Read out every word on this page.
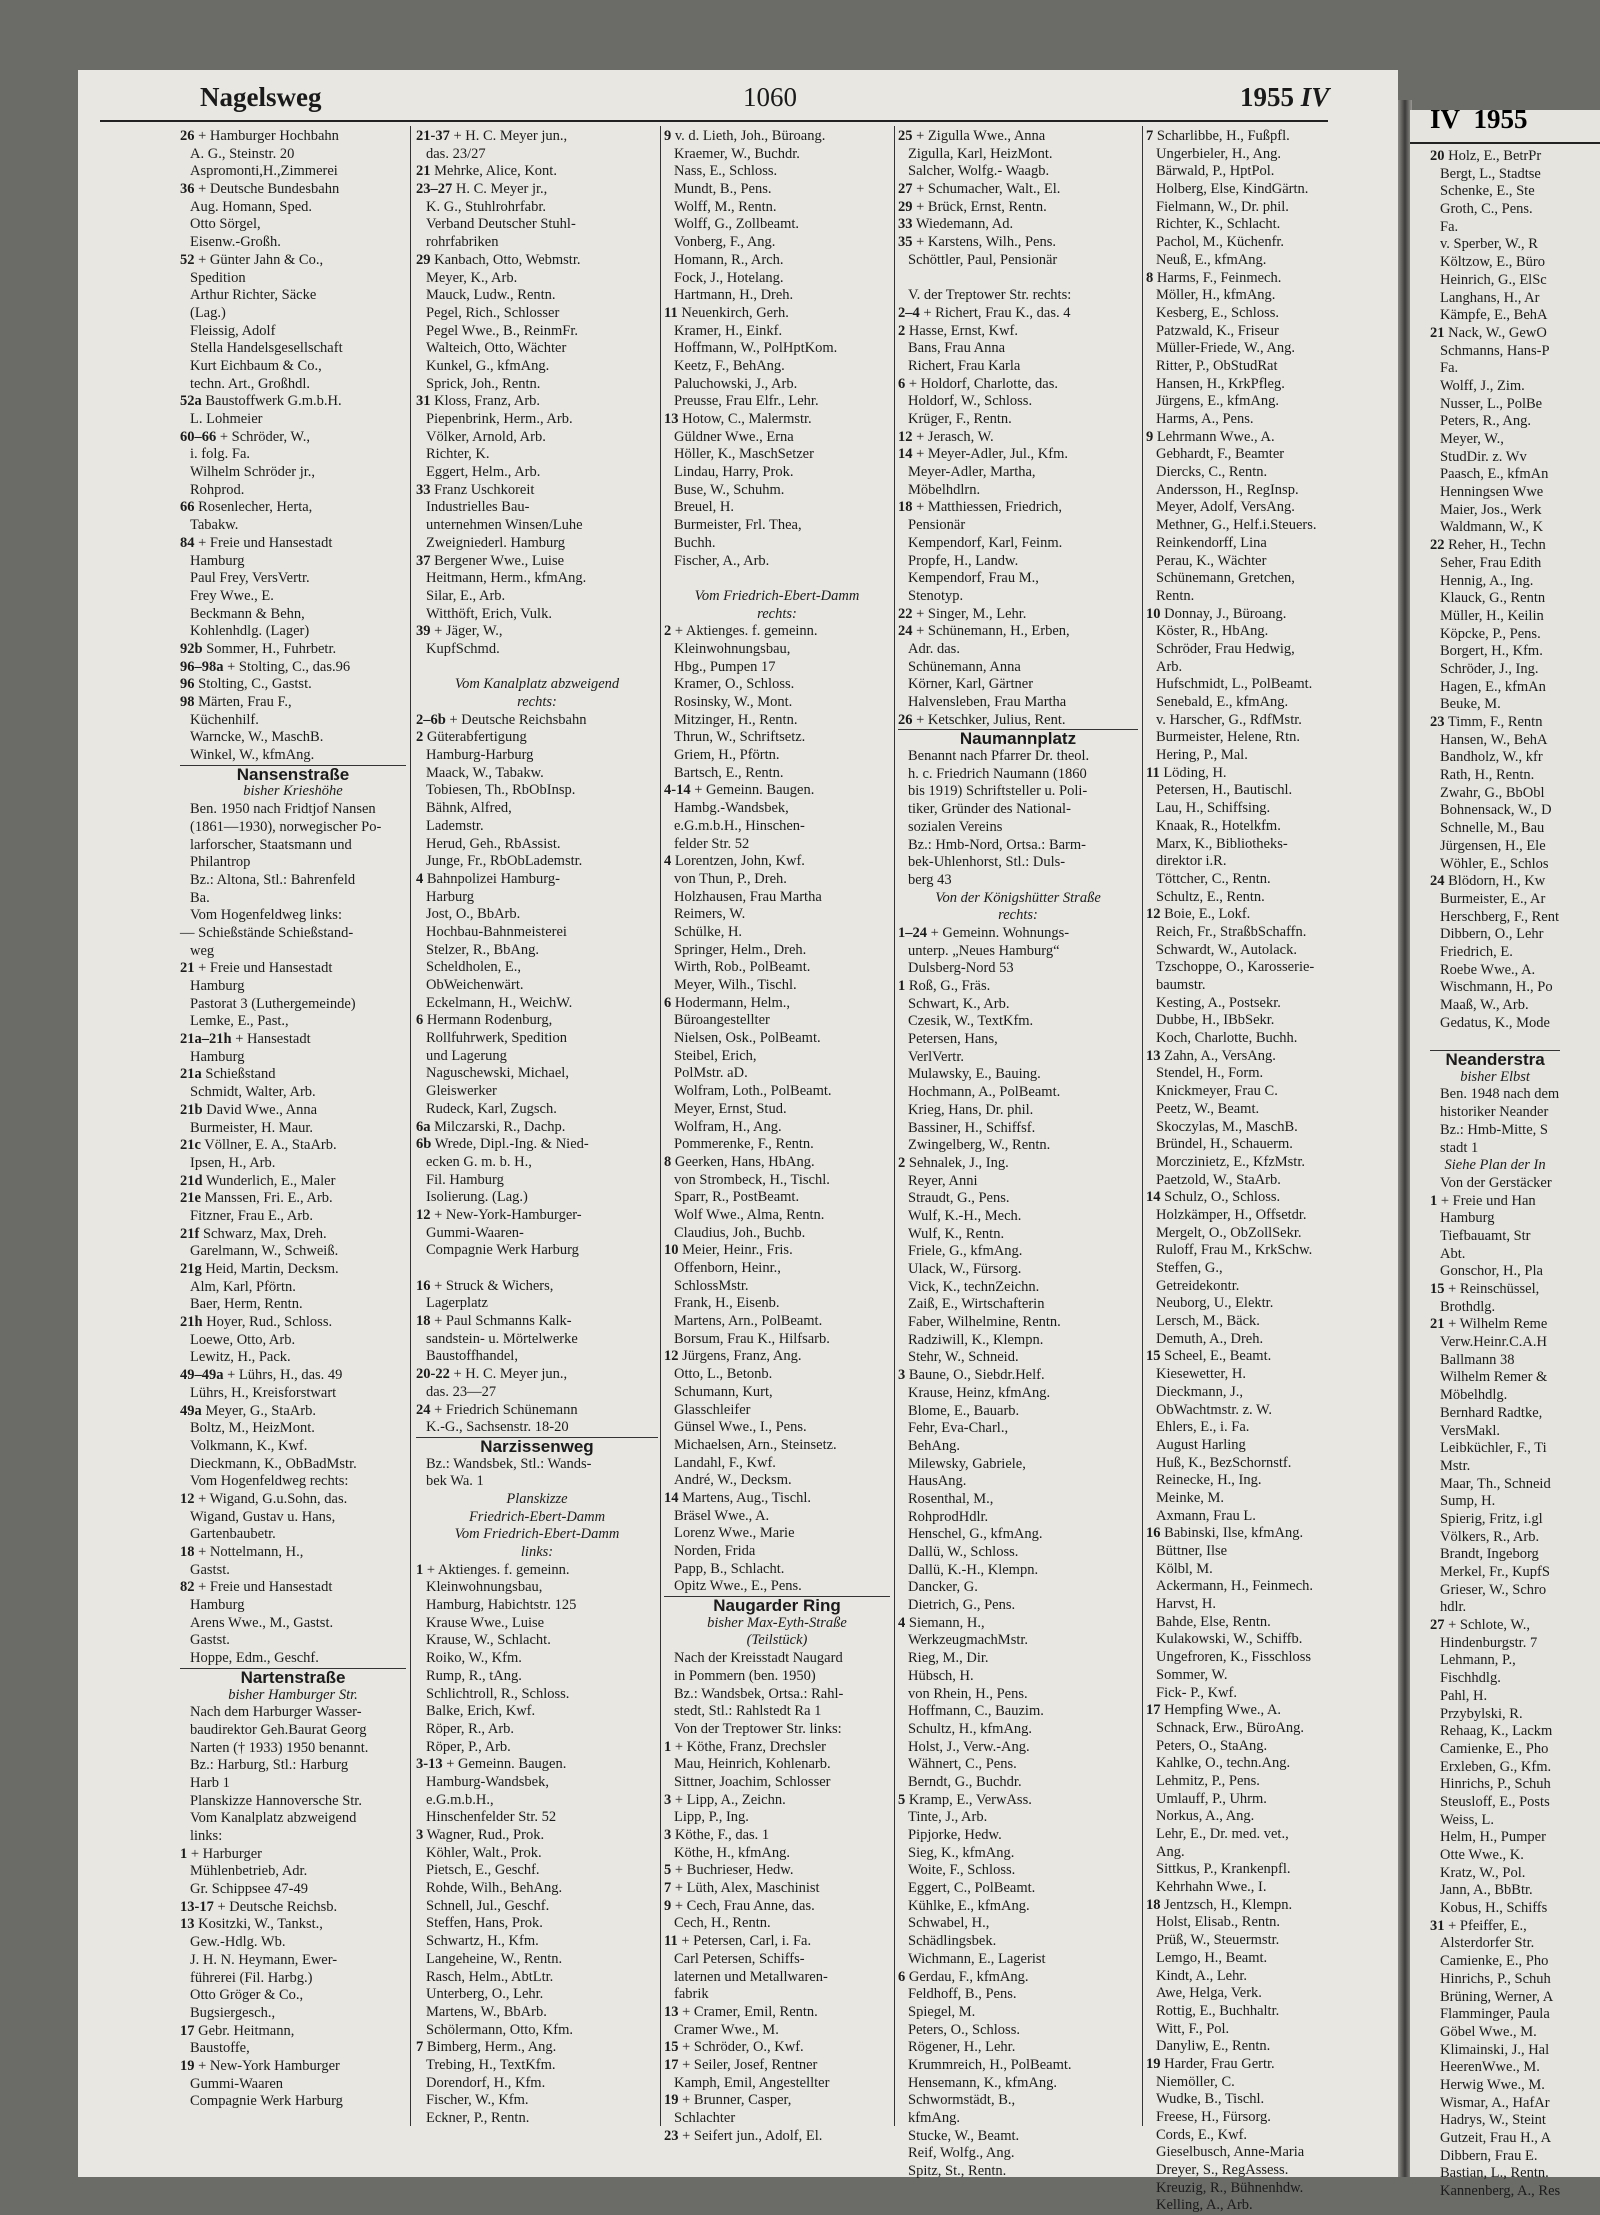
IV 1955
20 Holz, E., BetrPr
Bergt, L., Stadtse
Schenke, E., Ste
Groth, C., Pens.
Fa.
v. Sperber, W., R
Költzow, E., Büro
Heinrich, G., ElSc
Langhans, H., Ar
Kämpfe, E., BehA
21 Nack, W., GewO
Schmanns, Hans-P
Fa.
Wolff, J., Zim.
Nusser, L., PolBe
Peters, R., Ang.
Meyer, W.,
StudDir. z. Wv
Paasch, E., kfmAn
Henningsen Wwe
Maier, Jos., Werk
Waldmann, W., K
22 Reher, H., Techn
Seher, Frau Edith
Hennig, A., Ing.
Klauck, G., Rentn
Müller, H., Keilin
Köpcke, P., Pens.
Borgert, H., Kfm.
Schröder, J., Ing.
Hagen, E., kfmAn
Beuke, M.
23 Timm, F., Rentn
Hansen, W., BehA
Bandholz, W., kfr
Rath, H., Rentn.
Zwahr, G., BbObl
Bohnensack, W., D
Schnelle, M., Bau
Jürgensen, H., Ele
Wöhler, E., Schlos
24 Blödorn, H., Kw
Burmeister, E., Ar
Herschberg, F., Rent
Dibbern, O., Lehr
Friedrich, E.
Roebe Wwe., A.
Wischmann, H., Po
Maaß, W., Arb.
Gedatus, K., Mode
Neanderstra
bisher Elbst
Ben. 1948 nach dem
historiker Neander
Bz.: Hmb-Mitte, S
stadt 1
Siehe Plan der In
Von der Gerstäcker
1 + Freie und Han
Hamburg
Tiefbauamt, Str
Abt.
Gonschor, H., Pla
15 + Reinschüssel,
Brothdlg.
21 + Wilhelm Reme
Verw.Heinr.C.A.H
Ballmann 38
Wilhelm Remer &
Möbelhdlg.
Bernhard Radtke,
VersMakl.
Leibküchler, F., Ti
Mstr.
Maar, Th., Schneid
Sump, H.
Spierig, Fritz, i.gl
Völkers, R., Arb.
Brandt, Ingeborg
Merkel, Fr., KupfS
Grieser, W., Schro
hdlr.
27 + Schlote, W.,
Hindenburgstr. 7
Lehmann, P.,
Fischhdlg.
Pahl, H.
Przybylski, R.
Rehaag, K., Lackm
Camienke, E., Pho
Erxleben, G., Kfm.
Hinrichs, P., Schuh
Steusloff, E., Posts
Weiss, L.
Helm, H., Pumper
Otte Wwe., K.
Kratz, W., Pol.
Jann, A., BbBtr.
Kobus, H., Schiffs
31 + Pfeiffer, E.,
Alsterdorfer Str.
Camienke, E., Pho
Hinrichs, P., Schuh
Brüning, Werner, A
Flamminger, Paula
Göbel Wwe., M.
Klimainski, J., Hal
HeerenWwe., M.
Herwig Wwe., M.
Wismar, A., HafAr
Hadrys, W., Steint
Gutzeit, Frau H., A
Dibbern, Frau E.
Bastian, L., Rentn.
Kannenberg, A., Res
Nagelsweg	1060	1955 IV
26 + Hamburger Hochbahn
A. G., Steinstr. 20
Aspromonti,H.,Zimmerei
36 + Deutsche Bundesbahn
Aug. Homann, Sped.
Otto Sörgel,
Eisenw.-Großh.
52 + Günter Jahn & Co.,
Spedition
Arthur Richter, Säcke
(Lag.)
Fleissig, Adolf
Stella Handelsgesellschaft
Kurt Eichbaum & Co.,
techn. Art., Großhdl.
52a Baustoffwerk G.m.b.H.
L. Lohmeier
60–66 + Schröder, W.,
i. folg. Fa.
Wilhelm Schröder jr.,
Rohprod.
66 Rosenlecher, Herta,
Tabakw.
84 + Freie und Hansestadt
Hamburg
Paul Frey, VersVertr.
Frey Wwe., E.
Beckmann & Behn,
Kohlenhdlg. (Lager)
92b Sommer, H., Fuhrbetr.
96–98a + Stolting, C., das.96
96 Stolting, C., Gastst.
98 Märten, Frau F.,
Küchenhilf.
Warncke, W., MaschB.
Winkel, W., kfmAng.
Nansenstraße
bisher Krieshöhe
Ben. 1950 nach Fridtjof Nansen
(1861—1930), norwegischer Po-
larforscher, Staatsmann und
Philantrop
Bz.: Altona, Stl.: Bahrenfeld
Ba.
Vom Hogenfeldweg links:
— Schießstände Schießstand-
weg
21 + Freie und Hansestadt
Hamburg
Pastorat 3 (Luthergemeinde)
Lemke, E., Past.,
21a–21h + Hansestadt
Hamburg
21a Schießstand
Schmidt, Walter, Arb.
21b David Wwe., Anna
Burmeister, H. Maur.
21c Völlner, E. A., StaArb.
Ipsen, H., Arb.
21d Wunderlich, E., Maler
21e Manssen, Fri. E., Arb.
Fitzner, Frau E., Arb.
21f Schwarz, Max, Dreh.
Garelmann, W., Schweiß.
21g Heid, Martin, Decksm.
Alm, Karl, Pförtn.
Baer, Herm, Rentn.
21h Hoyer, Rud., Schloss.
Loewe, Otto, Arb.
Lewitz, H., Pack.
49–49a + Lührs, H., das. 49
Lührs, H., Kreisforstwart
49a Meyer, G., StaArb.
Boltz, M., HeizMont.
Volkmann, K., Kwf.
Dieckmann, K., ObBadMstr.
Vom Hogenfeldweg rechts:
12 + Wigand, G.u.Sohn, das.
Wigand, Gustav u. Hans,
Gartenbaubetr.
18 + Nottelmann, H.,
Gastst.
82 + Freie und Hansestadt
Hamburg
Arens Wwe., M., Gastst.
Gastst.
Hoppe, Edm., Geschf.
Nartenstraße
bisher Hamburger Str.
Nach dem Harburger Wasser-
baudirektor Geh.Baurat Georg
Narten († 1933) 1950 benannt.
Bz.: Harburg, Stl.: Harburg
Harb 1
Planskizze Hannoversche Str.
Vom Kanalplatz abzweigend
links:
1 + Harburger
Mühlenbetrieb, Adr.
Gr. Schippsee 47-49
13-17 + Deutsche Reichsb.
13 Kositzki, W., Tankst.,
Gew.-Hdlg. Wb.
J. H. N. Heymann, Ewer-
führerei (Fil. Harbg.)
Otto Gröger & Co.,
Bugsiergesch.,
17 Gebr. Heitmann,
Baustoffe,
19 + New-York Hamburger
Gummi-Waaren
Compagnie Werk Harburg
21-37 + H. C. Meyer jun.,
das. 23/27
21 Mehrke, Alice, Kont.
23–27 H. C. Meyer jr.,
K. G., Stuhlrohrfabr.
Verband Deutscher Stuhl-
rohrfabriken
29 Kanbach, Otto, Webmstr.
Meyer, K., Arb.
Mauck, Ludw., Rentn.
Pegel, Rich., Schlosser
Pegel Wwe., B., ReinmFr.
Walteich, Otto, Wächter
Kunkel, G., kfmAng.
Sprick, Joh., Rentn.
31 Kloss, Franz, Arb.
Piepenbrink, Herm., Arb.
Völker, Arnold, Arb.
Richter, K.
Eggert, Helm., Arb.
33 Franz Uschkoreit
Industrielles Bau-
unternehmen Winsen/Luhe
Zweigniederl. Hamburg
37 Bergener Wwe., Luise
Heitmann, Herm., kfmAng.
Silar, E., Arb.
Witthöft, Erich, Vulk.
39 + Jäger, W.,
KupfSchmd.
Vom Kanalplatz abzweigend
rechts:
2–6b + Deutsche Reichsbahn
2 Güterabfertigung
Hamburg-Harburg
Maack, W., Tabakw.
Tobiesen, Th., RbObInsp.
Bähnk, Alfred,
Lademstr.
Herud, Geh., RbAssist.
Junge, Fr., RbObLademstr.
4 Bahnpolizei Hamburg-
Harburg
Jost, O., BbArb.
Hochbau-Bahnmeisterei
Stelzer, R., BbAng.
Scheldholen, E.,
ObWeichenwärt.
Eckelmann, H., WeichW.
6 Hermann Rodenburg,
Rollfuhrwerk, Spedition
und Lagerung
Naguschewski, Michael,
Gleiswerker
Rudeck, Karl, Zugsch.
6a Milczarski, R., Dachp.
6b Wrede, Dipl.-Ing. & Nied-
ecken G. m. b. H.,
Fil. Hamburg
Isolierung. (Lag.)
12 + New-York-Hamburger-
Gummi-Waaren-
Compagnie Werk Harburg
16 + Struck & Wichers,
Lagerplatz
18 + Paul Schmanns Kalk-
sandstein- u. Mörtelwerke
Baustoffhandel,
20-22 + H. C. Meyer jun.,
das. 23—27
24 + Friedrich Schünemann
K.-G., Sachsenstr. 18-20
Narzissenweg
Bz.: Wandsbek, Stl.: Wands-
bek Wa. 1
Planskizze
Friedrich-Ebert-Damm
Vom Friedrich-Ebert-Damm
links:
1 + Aktienges. f. gemeinn.
Kleinwohnungsbau,
Hamburg, Habichtstr. 125
Krause Wwe., Luise
Krause, W., Schlacht.
Roiko, W., Kfm.
Rump, R., tAng.
Schlichtroll, R., Schloss.
Balke, Erich, Kwf.
Röper, R., Arb.
Röper, P., Arb.
3-13 + Gemeinn. Baugen.
Hamburg-Wandsbek,
e.G.m.b.H.,
Hinschenfelder Str. 52
3 Wagner, Rud., Prok.
Köhler, Walt., Prok.
Pietsch, E., Geschf.
Rohde, Wilh., BehAng.
Schnell, Jul., Geschf.
Steffen, Hans, Prok.
Schwartz, H., Kfm.
Langeheine, W., Rentn.
Rasch, Helm., AbtLtr.
Unterberg, O., Lehr.
Martens, W., BbArb.
Schölermann, Otto, Kfm.
7 Bimberg, Herm., Ang.
Trebing, H., TextKfm.
Dorendorf, H., Kfm.
Fischer, W., Kfm.
Eckner, P., Rentn.
9 v. d. Lieth, Joh., Büroang.
Kraemer, W., Buchdr.
Nass, E., Schloss.
Mundt, B., Pens.
Wolff, M., Rentn.
Wolff, G., Zollbeamt.
Vonberg, F., Ang.
Homann, R., Arch.
Fock, J., Hotelang.
Hartmann, H., Dreh.
11 Neuenkirch, Gerh.
Kramer, H., Einkf.
Hoffmann, W., PolHptKom.
Keetz, F., BehAng.
Paluchowski, J., Arb.
Preusse, Frau Elfr., Lehr.
13 Hotow, C., Malermstr.
Güldner Wwe., Erna
Höller, K., MaschSetzer
Lindau, Harry, Prok.
Buse, W., Schuhm.
Breuel, H.
Burmeister, Frl. Thea,
Buchh.
Fischer, A., Arb.
Vom Friedrich-Ebert-Damm
rechts:
2 + Aktienges. f. gemeinn.
Kleinwohnungsbau,
Hbg., Pumpen 17
Kramer, O., Schloss.
Rosinsky, W., Mont.
Mitzinger, H., Rentn.
Thrun, W., Schriftsetz.
Griem, H., Pförtn.
Bartsch, E., Rentn.
4-14 + Gemeinn. Baugen.
Hambg.-Wandsbek,
e.G.m.b.H., Hinschen-
felder Str. 52
4 Lorentzen, John, Kwf.
von Thun, P., Dreh.
Holzhausen, Frau Martha
Reimers, W.
Schülke, H.
Springer, Helm., Dreh.
Wirth, Rob., PolBeamt.
Meyer, Wilh., Tischl.
6 Hodermann, Helm.,
Büroangestellter
Nielsen, Osk., PolBeamt.
Steibel, Erich,
PolMstr. aD.
Wolfram, Loth., PolBeamt.
Meyer, Ernst, Stud.
Wolfram, H., Ang.
Pommerenke, F., Rentn.
8 Geerken, Hans, HbAng.
von Strombeck, H., Tischl.
Sparr, R., PostBeamt.
Wolf Wwe., Alma, Rentn.
Claudius, Joh., Buchb.
10 Meier, Heinr., Fris.
Offenborn, Heinr.,
SchlossMstr.
Frank, H., Eisenb.
Martens, Arn., PolBeamt.
Borsum, Frau K., Hilfsarb.
12 Jürgens, Franz, Ang.
Otto, L., Betonb.
Schumann, Kurt,
Glasschleifer
Günsel Wwe., I., Pens.
Michaelsen, Arn., Steinsetz.
Landahl, F., Kwf.
André, W., Decksm.
14 Martens, Aug., Tischl.
Bräsel Wwe., A.
Lorenz Wwe., Marie
Norden, Frida
Papp, B., Schlacht.
Opitz Wwe., E., Pens.
Naugarder Ring
bisher Max-Eyth-Straße
(Teilstück)
Nach der Kreisstadt Naugard
in Pommern (ben. 1950)
Bz.: Wandsbek, Ortsa.: Rahl-
stedt, Stl.: Rahlstedt Ra 1
Von der Treptower Str. links:
1 + Köthe, Franz, Drechsler
Mau, Heinrich, Kohlenarb.
Sittner, Joachim, Schlosser
3 + Lipp, A., Zeichn.
Lipp, P., Ing.
3 Köthe, F., das. 1
Köthe, H., kfmAng.
5 + Buchrieser, Hedw.
7 + Lüth, Alex, Maschinist
9 + Cech, Frau Anne, das.
Cech, H., Rentn.
11 + Petersen, Carl, i. Fa.
Carl Petersen, Schiffs-
laternen und Metallwaren-
fabrik
13 + Cramer, Emil, Rentn.
Cramer Wwe., M.
15 + Schröder, O., Kwf.
17 + Seiler, Josef, Rentner
Kamph, Emil, Angestellter
19 + Brunner, Casper,
Schlachter
23 + Seifert jun., Adolf, El.
25 + Zigulla Wwe., Anna
Zigulla, Karl, HeizMont.
Salcher, Wolfg.- Waagb.
27 + Schumacher, Walt., El.
29 + Brück, Ernst, Rentn.
33 Wiedemann, Ad.
35 + Karstens, Wilh., Pens.
Schöttler, Paul, Pensionär
V. der Treptower Str. rechts:
2–4 + Richert, Frau K., das. 4
2 Hasse, Ernst, Kwf.
Bans, Frau Anna
Richert, Frau Karla
6 + Holdorf, Charlotte, das.
Holdorf, W., Schloss.
Krüger, F., Rentn.
12 + Jerasch, W.
14 + Meyer-Adler, Jul., Kfm.
Meyer-Adler, Martha,
Möbelhdlrn.
18 + Matthiessen, Friedrich,
Pensionär
Kempendorf, Karl, Feinm.
Propfe, H., Landw.
Kempendorf, Frau M.,
Stenotyp.
22 + Singer, M., Lehr.
24 + Schünemann, H., Erben,
Adr. das.
Schünemann, Anna
Körner, Karl, Gärtner
Halvensleben, Frau Martha
26 + Ketschker, Julius, Rent.
Naumannplatz
Benannt nach Pfarrer Dr. theol.
h. c. Friedrich Naumann (1860
bis 1919) Schriftsteller u. Poli-
tiker, Gründer des National-
sozialen Vereins
Bz.: Hmb-Nord, Ortsa.: Barm-
bek-Uhlenhorst, Stl.: Duls-
berg 43
Von der Königshütter Straße
rechts:
1–24 + Gemeinn. Wohnungs-
unterp. „Neues Hamburg“
Dulsberg-Nord 53
1 Roß, G., Fräs.
Schwart, K., Arb.
Czesik, W., TextKfm.
Petersen, Hans,
VerlVertr.
Mulawsky, E., Bauing.
Hochmann, A., PolBeamt.
Krieg, Hans, Dr. phil.
Bassiner, H., Schiffsf.
Zwingelberg, W., Rentn.
2 Sehnalek, J., Ing.
Reyer, Anni
Straudt, G., Pens.
Wulf, K.-H., Mech.
Wulf, K., Rentn.
Friele, G., kfmAng.
Ulack, W., Fürsorg.
Vick, K., technZeichn.
Zaiß, E., Wirtschafterin
Faber, Wilhelmine, Rentn.
Radziwill, K., Klempn.
Stehr, W., Schneid.
3 Baune, O., Siebdr.Helf.
Krause, Heinz, kfmAng.
Blome, E., Bauarb.
Fehr, Eva-Charl.,
BehAng.
Milewsky, Gabriele,
HausAng.
Rosenthal, M.,
RohprodHdlr.
Henschel, G., kfmAng.
Dallü, W., Schloss.
Dallü, K.-H., Klempn.
Dancker, G.
Dietrich, G., Pens.
4 Siemann, H.,
WerkzeugmachMstr.
Rieg, M., Dir.
Hübsch, H.
von Rhein, H., Pens.
Hoffmann, C., Bauzim.
Schultz, H., kfmAng.
Holst, J., Verw.-Ang.
Wähnert, C., Pens.
Berndt, G., Buchdr.
5 Kramp, E., VerwAss.
Tinte, J., Arb.
Pipjorke, Hedw.
Sieg, K., kfmAng.
Woite, F., Schloss.
Eggert, C., PolBeamt.
Kühlke, E., kfmAng.
Schwabel, H.,
Schädlingsbek.
Wichmann, E., Lagerist
6 Gerdau, F., kfmAng.
Feldhoff, B., Pens.
Spiegel, M.
Peters, O., Schloss.
Rögener, H., Lehr.
Krummreich, H., PolBeamt.
Hensemann, K., kfmAng.
Schwormstädt, B.,
kfmAng.
Stucke, W., Beamt.
Reif, Wolfg., Ang.
Spitz, St., Rentn.
7 Scharlibbe, H., Fußpfl.
Ungerbieler, H., Ang.
Bärwald, P., HptPol.
Holberg, Else, KindGärtn.
Fielmann, W., Dr. phil.
Richter, K., Schlacht.
Pachol, M., Küchenfr.
Neuß, E., kfmAng.
8 Harms, F., Feinmech.
Möller, H., kfmAng.
Kesberg, E., Schloss.
Patzwald, K., Friseur
Müller-Friede, W., Ang.
Ritter, P., ObStudRat
Hansen, H., KrkPfleg.
Jürgens, E., kfmAng.
Harms, A., Pens.
9 Lehrmann Wwe., A.
Gebhardt, F., Beamter
Diercks, C., Rentn.
Andersson, H., RegInsp.
Meyer, Adolf, VersAng.
Methner, G., Helf.i.Steuers.
Reinkendorff, Lina
Perau, K., Wächter
Schünemann, Gretchen,
Rentn.
10 Donnay, J., Büroang.
Köster, R., HbAng.
Schröder, Frau Hedwig,
Arb.
Hufschmidt, L., PolBeamt.
Senebald, E., kfmAng.
v. Harscher, G., RdfMstr.
Burmeister, Helene, Rtn.
Hering, P., Mal.
11 Löding, H.
Petersen, H., Bautischl.
Lau, H., Schiffsing.
Knaak, R., Hotelkfm.
Marx, K., Bibliotheks-
direktor i.R.
Töttcher, C., Rentn.
Schultz, E., Rentn.
12 Boie, E., Lokf.
Reich, Fr., StraßbSchaffn.
Schwardt, W., Autolack.
Tzschoppe, O., Karosserie-
baumstr.
Kesting, A., Postsekr.
Dubbe, H., IBbSekr.
Koch, Charlotte, Buchh.
13 Zahn, A., VersAng.
Stendel, H., Form.
Knickmeyer, Frau C.
Peetz, W., Beamt.
Skoczylas, M., MaschB.
Bründel, H., Schauerm.
Morczinietz, E., KfzMstr.
Paetzold, W., StaArb.
14 Schulz, O., Schloss.
Holzkämper, H., Offsetdr.
Mergelt, O., ObZollSekr.
Ruloff, Frau M., KrkSchw.
Steffen, G.,
Getreidekontr.
Neuborg, U., Elektr.
Lersch, M., Bäck.
Demuth, A., Dreh.
15 Scheel, E., Beamt.
Kiesewetter, H.
Dieckmann, J.,
ObWachtmstr. z. W.
Ehlers, E., i. Fa.
August Harling
Huß, K., BezSchornstf.
Reinecke, H., Ing.
Meinke, M.
Axmann, Frau L.
16 Babinski, Ilse, kfmAng.
Büttner, Ilse
Kölbl, M.
Ackermann, H., Feinmech.
Harvst, H.
Bahde, Else, Rentn.
Kulakowski, W., Schiffb.
Ungefroren, K., Fisschloss
Sommer, W.
Fick- P., Kwf.
17 Hempfing Wwe., A.
Schnack, Erw., BüroAng.
Peters, O., StaAng.
Kahlke, O., techn.Ang.
Lehmitz, P., Pens.
Umlauff, P., Uhrm.
Norkus, A., Ang.
Lehr, E., Dr. med. vet.,
Ang.
Sittkus, P., Krankenpfl.
Kehrhahn Wwe., I.
18 Jentzsch, H., Klempn.
Holst, Elisab., Rentn.
Prüß, W., Steuermstr.
Lemgo, H., Beamt.
Kindt, A., Lehr.
Awe, Helga, Verk.
Rottig, E., Buchhaltr.
Witt, F., Pol.
Danyliw, E., Rentn.
19 Harder, Frau Gertr.
Niemöller, C.
Wudke, B., Tischl.
Freese, H., Fürsorg.
Cords, E., Kwf.
Gieselbusch, Anne-Maria
Dreyer, S., RegAssess.
Kreuzig, R., Bühnenhdw.
Kelling, A., Arb.
